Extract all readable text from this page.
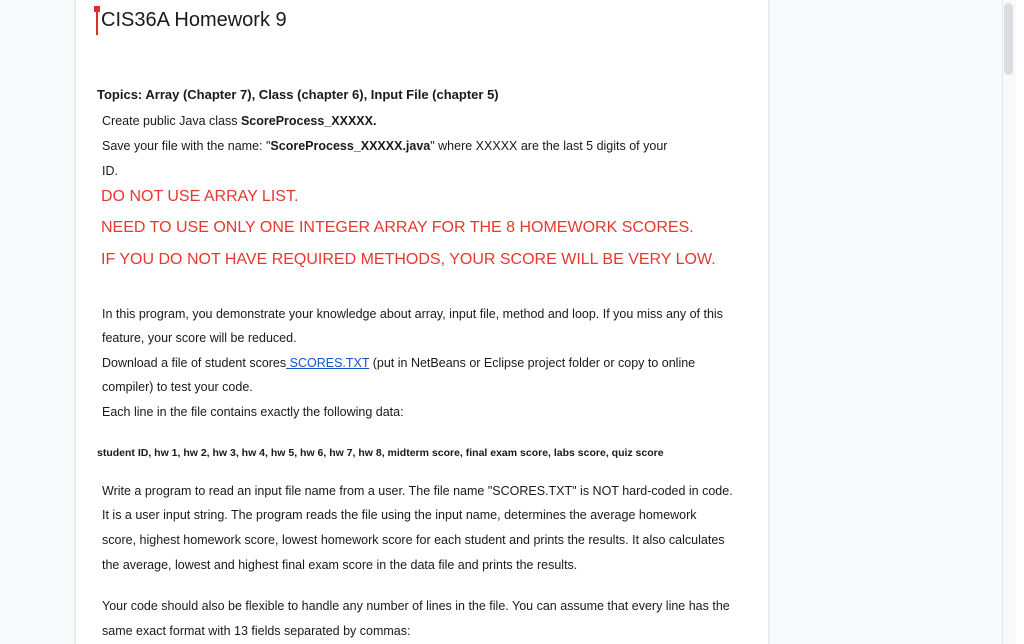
CIS36A Homework 9
Topics: Array (Chapter 7), Class (chapter 6), Input File (chapter 5)
Create public Java class ScoreProcess_XXXXX.
Save your file with the name: "ScoreProcess_XXXXX.java" where XXXXX are the last 5 digits of your
ID.
DO NOT USE ARRAY LIST.
NEED TO USE ONLY ONE INTEGER ARRAY FOR THE 8 HOMEWORK SCORES.
IF YOU DO NOT HAVE REQUIRED METHODS, YOUR SCORE WILL BE VERY LOW.
In this program, you demonstrate your knowledge about array, input file, method and loop. If you miss any of this
feature, your score will be reduced.
Download a file of student scores SCORES.TXT (put in NetBeans or Eclipse project folder or copy to online
compiler) to test your code.
Each line in the file contains exactly the following data:
student ID, hw 1, hw 2, hw 3, hw 4, hw 5, hw 6, hw 7, hw 8, midterm score, final exam score, labs score, quiz score
Write a program to read an input file name from a user. The file name "SCORES.TXT" is NOT hard-coded in code.
It is a user input string. The program reads the file using the input name, determines the average homework
score, highest homework score, lowest homework score for each student and prints the results. It also calculates
the average, lowest and highest final exam score in the data file and prints the results.
Your code should also be flexible to handle any number of lines in the file. You can assume that every line has the
same exact format with 13 fields separated by commas:
